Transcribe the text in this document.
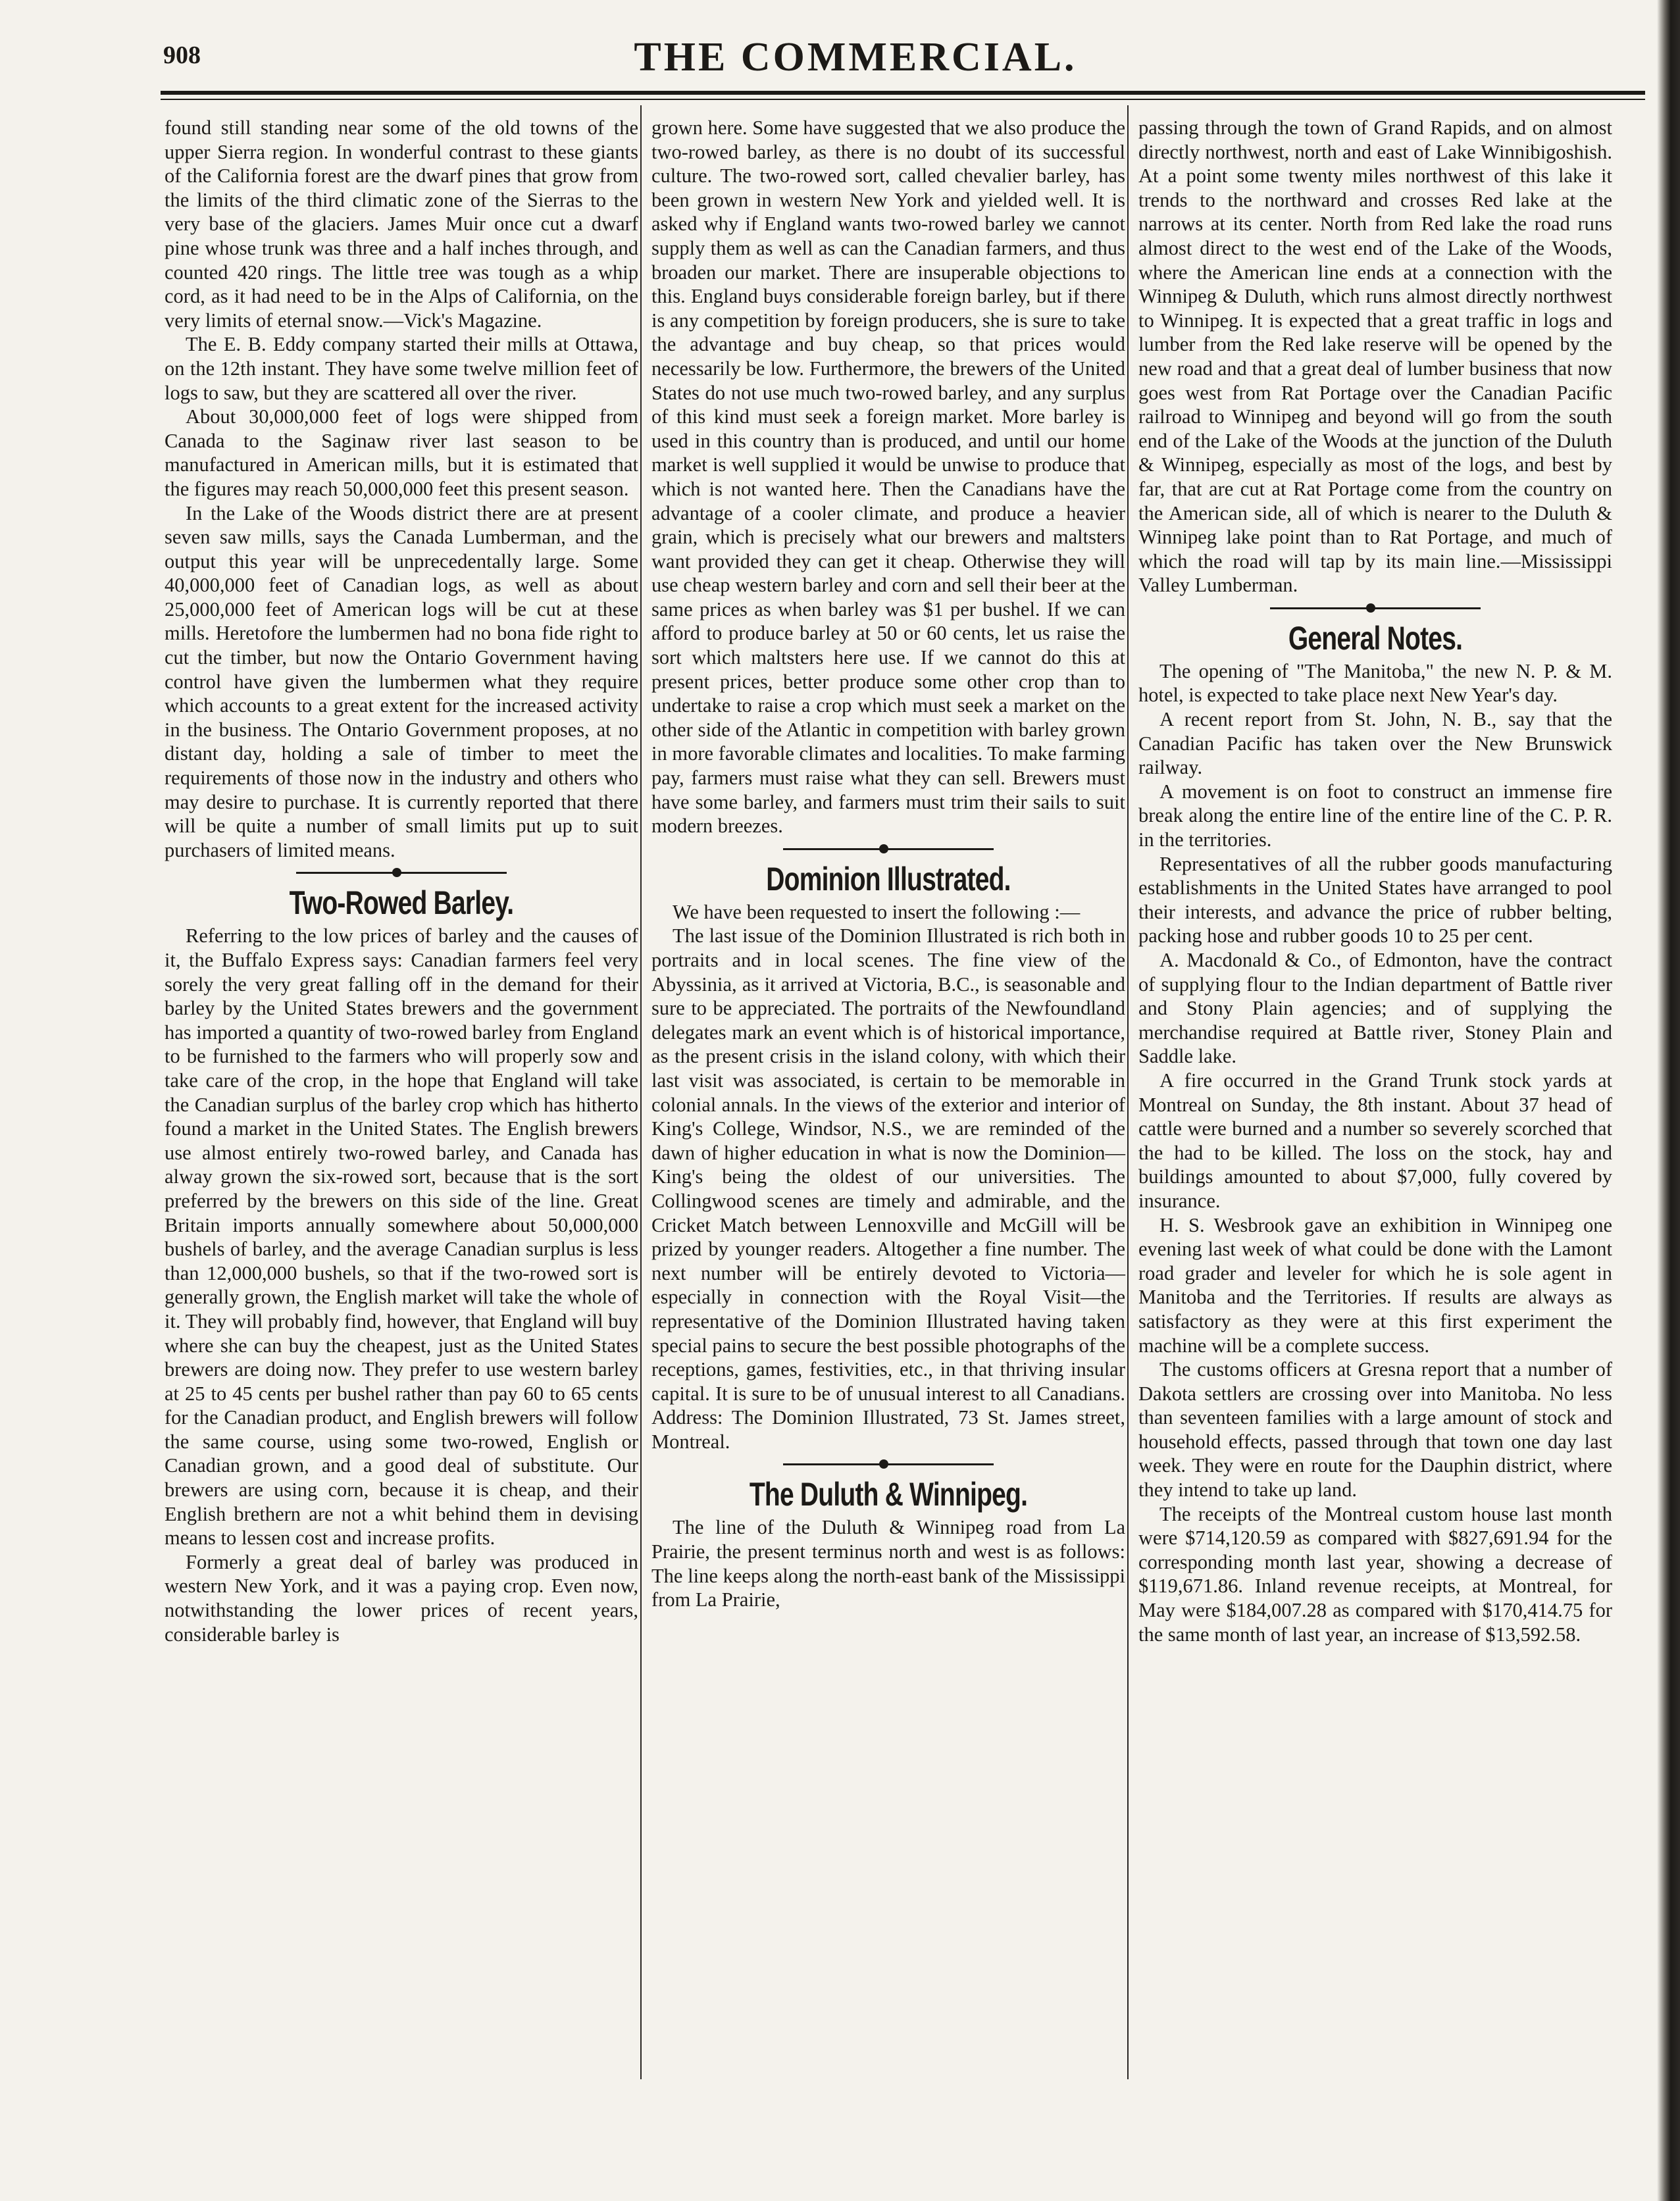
908	THE COMMERCIAL.

found still standing near some of the old towns of the upper Sierra region. In wonderful contrast to these giants of the California forest are the dwarf pines that grow from the limits of the third climatic zone of the Sierras to the very base of the glaciers. James Muir once cut a dwarf pine whose trunk was three and a half inches through, and counted 420 rings. The little tree was tough as a whip cord, as it had need to be in the Alps of California, on the very limits of eternal snow.—Vick's Magazine.

The E. B. Eddy company started their mills at Ottawa, on the 12th instant. They have some twelve million feet of logs to saw, but they are scattered all over the river.

About 30,000,000 feet of logs were shipped from Canada to the Saginaw river last season to be manufactured in American mills, but it is estimated that the figures may reach 50,000,000 feet this present season.

In the Lake of the Woods district there are at present seven saw mills, says the Canada Lumberman, and the output this year will be unprecedentally large. Some 40,000,000 feet of Canadian logs, as well as about 25,000,000 feet of American logs will be cut at these mills. Heretofore the lumbermen had no bona fide right to cut the timber, but now the Ontario Government having control have given the lumbermen what they require which accounts to a great extent for the increased activity in the business. The Ontario Government proposes, at no distant day, holding a sale of timber to meet the requirements of those now in the industry and others who may desire to purchase. It is currently reported that there will be quite a number of small limits put up to suit purchasers of limited means.

Two-Rowed Barley.

Referring to the low prices of barley and the causes of it, the Buffalo Express says: Canadian farmers feel very sorely the very great falling off in the demand for their barley by the United States brewers and the government has imported a quantity of two-rowed barley from England to be furnished to the farmers who will properly sow and take care of the crop, in the hope that England will take the Canadian surplus of the barley crop which has hitherto found a market in the United States. The English brewers use almost entirely two-rowed barley, and Canada has alway grown the six-rowed sort, because that is the sort preferred by the brewers on this side of the line. Great Britain imports annually somewhere about 50,000,000 bushels of barley, and the average Canadian surplus is less than 12,000,000 bushels, so that if the two-rowed sort is generally grown, the English market will take the whole of it. They will probably find, however, that England will buy where she can buy the cheapest, just as the United States brewers are doing now. They prefer to use western barley at 25 to 45 cents per bushel rather than pay 60 to 65 cents for the Canadian product, and English brewers will follow the same course, using some two-rowed, English or Canadian grown, and a good deal of substitute. Our brewers are using corn, because it is cheap, and their English brethern are not a whit behind them in devising means to lessen cost and increase profits.

Formerly a great deal of barley was produced in western New York, and it was a paying crop. Even now, notwithstanding the lower prices of recent years, considerable barley is

grown here. Some have suggested that we also produce the two-rowed barley, as there is no doubt of its successful culture. The two-rowed sort, called chevalier barley, has been grown in western New York and yielded well. It is asked why if England wants two-rowed barley we cannot supply them as well as can the Canadian farmers, and thus broaden our market. There are insuperable objections to this. England buys considerable foreign barley, but if there is any competition by foreign producers, she is sure to take the advantage and buy cheap, so that prices would necessarily be low. Furthermore, the brewers of the United States do not use much two-rowed barley, and any surplus of this kind must seek a foreign market. More barley is used in this country than is produced, and until our home market is well supplied it would be unwise to produce that which is not wanted here. Then the Canadians have the advantage of a cooler climate, and produce a heavier grain, which is precisely what our brewers and maltsters want provided they can get it cheap. Otherwise they will use cheap western barley and corn and sell their beer at the same prices as when barley was $1 per bushel. If we can afford to produce barley at 50 or 60 cents, let us raise the sort which maltsters here use. If we cannot do this at present prices, better produce some other crop than to undertake to raise a crop which must seek a market on the other side of the Atlantic in competition with barley grown in more favorable climates and localities. To make farming pay, farmers must raise what they can sell. Brewers must have some barley, and farmers must trim their sails to suit modern breezes.

Dominion Illustrated.

We have been requested to insert the following :—

The last issue of the Dominion Illustrated is rich both in portraits and in local scenes. The fine view of the Abyssinia, as it arrived at Victoria, B.C., is seasonable and sure to be appreciated. The portraits of the Newfoundland delegates mark an event which is of historical importance, as the present crisis in the island colony, with which their last visit was associated, is certain to be memorable in colonial annals. In the views of the exterior and interior of King's College, Windsor, N.S., we are reminded of the dawn of higher education in what is now the Dominion—King's being the oldest of our universities. The Collingwood scenes are timely and admirable, and the Cricket Match between Lennoxville and McGill will be prized by younger readers. Altogether a fine number. The next number will be entirely devoted to Victoria—especially in connection with the Royal Visit—the representative of the Dominion Illustrated having taken special pains to secure the best possible photographs of the receptions, games, festivities, etc., in that thriving insular capital. It is sure to be of unusual interest to all Canadians. Address: The Dominion Illustrated, 73 St. James street, Montreal.

The Duluth & Winnipeg.

The line of the Duluth & Winnipeg road from La Prairie, the present terminus north and west is as follows: The line keeps along the north-east bank of the Mississippi from La Prairie,

passing through the town of Grand Rapids, and on almost directly northwest, north and east of Lake Winnibigoshish. At a point some twenty miles northwest of this lake it trends to the northward and crosses Red lake at the narrows at its center. North from Red lake the road runs almost direct to the west end of the Lake of the Woods, where the American line ends at a connection with the Winnipeg & Duluth, which runs almost directly northwest to Winnipeg. It is expected that a great traffic in logs and lumber from the Red lake reserve will be opened by the new road and that a great deal of lumber business that now goes west from Rat Portage over the Canadian Pacific railroad to Winnipeg and beyond will go from the south end of the Lake of the Woods at the junction of the Duluth & Winnipeg, especially as most of the logs, and best by far, that are cut at Rat Portage come from the country on the American side, all of which is nearer to the Duluth & Winnipeg lake point than to Rat Portage, and much of which the road will tap by its main line.—Mississippi Valley Lumberman.

General Notes.

The opening of "The Manitoba," the new N. P. & M. hotel, is expected to take place next New Year's day.

A recent report from St. John, N. B., say that the Canadian Pacific has taken over the New Brunswick railway.

A movement is on foot to construct an immense fire break along the entire line of the entire line of the C. P. R. in the territories.

Representatives of all the rubber goods manufacturing establishments in the United States have arranged to pool their interests, and advance the price of rubber belting, packing hose and rubber goods 10 to 25 per cent.

A. Macdonald & Co., of Edmonton, have the contract of supplying flour to the Indian department of Battle river and Stony Plain agencies; and of supplying the merchandise required at Battle river, Stoney Plain and Saddle lake.

A fire occurred in the Grand Trunk stock yards at Montreal on Sunday, the 8th instant. About 37 head of cattle were burned and a number so severely scorched that the had to be killed. The loss on the stock, hay and buildings amounted to about $7,000, fully covered by insurance.

H. S. Wesbrook gave an exhibition in Winnipeg one evening last week of what could be done with the Lamont road grader and leveler for which he is sole agent in Manitoba and the Territories. If results are always as satisfactory as they were at this first experiment the machine will be a complete success.

The customs officers at Gresna report that a number of Dakota settlers are crossing over into Manitoba. No less than seventeen families with a large amount of stock and household effects, passed through that town one day last week. They were en route for the Dauphin district, where they intend to take up land.

The receipts of the Montreal custom house last month were $714,120.59 as compared with $827,691.94 for the corresponding month last year, showing a decrease of $119,671.86. Inland revenue receipts, at Montreal, for May were $184,007.28 as compared with $170,414.75 for the same month of last year, an increase of $13,592.58.
